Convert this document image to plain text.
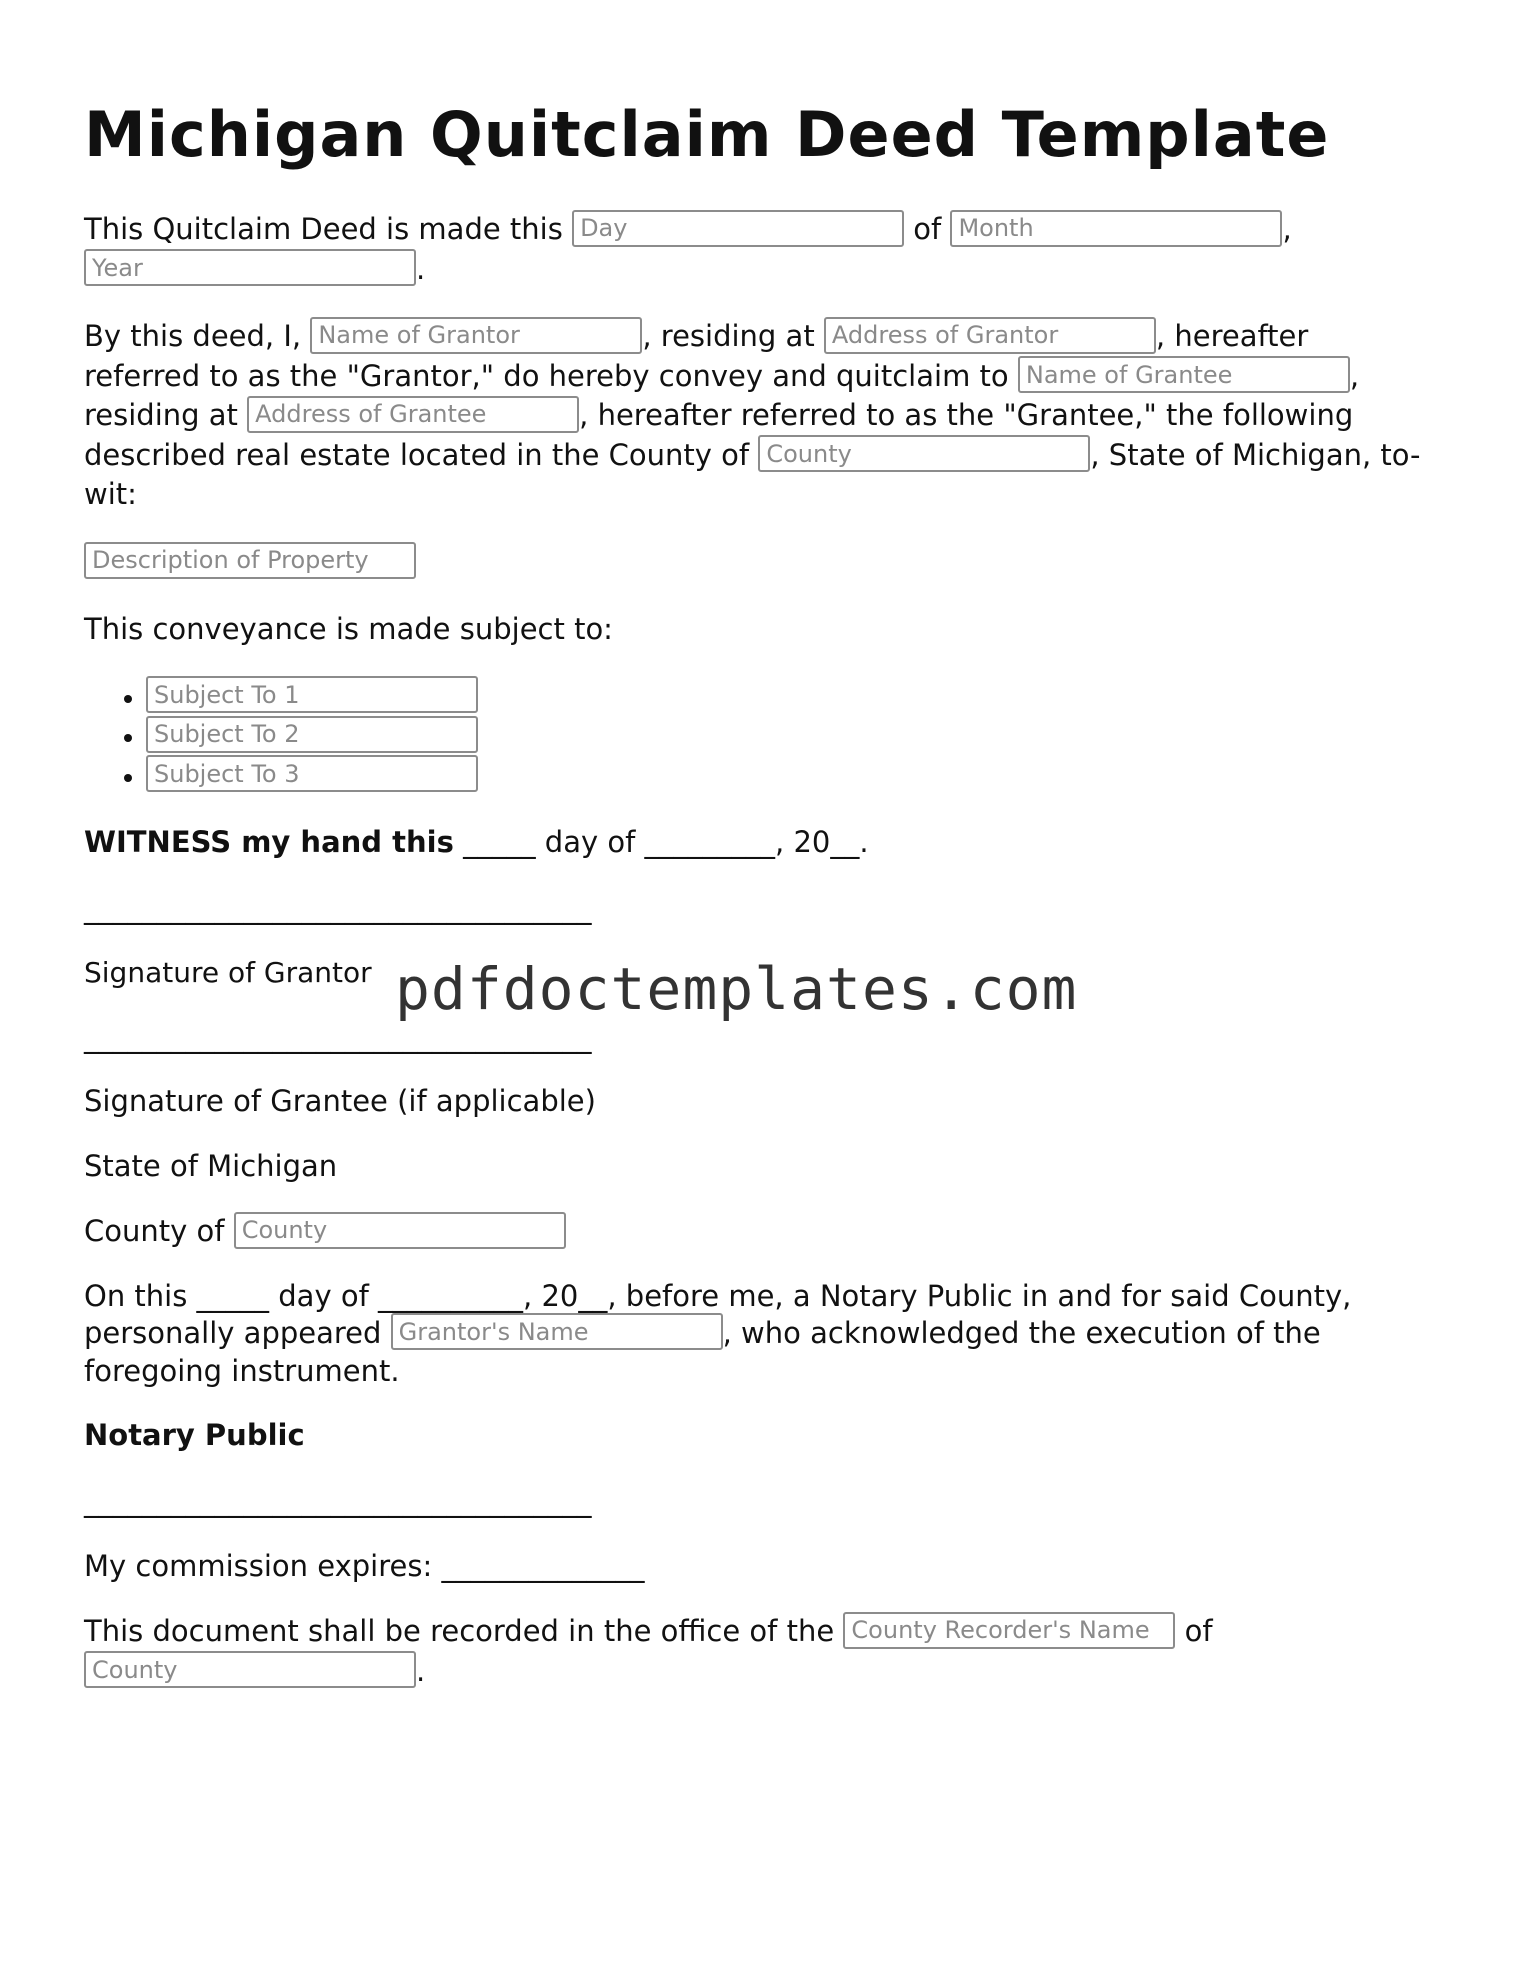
Michigan Quitclaim Deed Template

This Quitclaim Deed is made this Day	of Month	,
Year.

By this deed, I, Name of Grantor	, residing at Address of Grantor	, hereafter referred to as the "Grantor," do hereby convey and quitclaim to Name of Grantee	, residing at Address of Grantee	, hereafter referred to as the "Grantee," the following described real estate located in the County of County	, State of Michigan, to-wit:

Description of Property

This conveyance is made subject to:

• Subject To 1
• Subject To 2
• Subject To 3

WITNESS my hand this _____ day of _________, 20__.

___________________________________

Signature of Grantor

___________________________________

Signature of Grantee (if applicable)

State of Michigan

County of County

On this _____ day of __________, 20__, before me, a Notary Public in and for said County, personally appeared Grantor's Name	, who acknowledged the execution of the foregoing instrument.

Notary Public

___________________________________

My commission expires: ______________

This document shall be recorded in the office of the County Recorder's Name	of
County.

pdfdoctemplates.com
